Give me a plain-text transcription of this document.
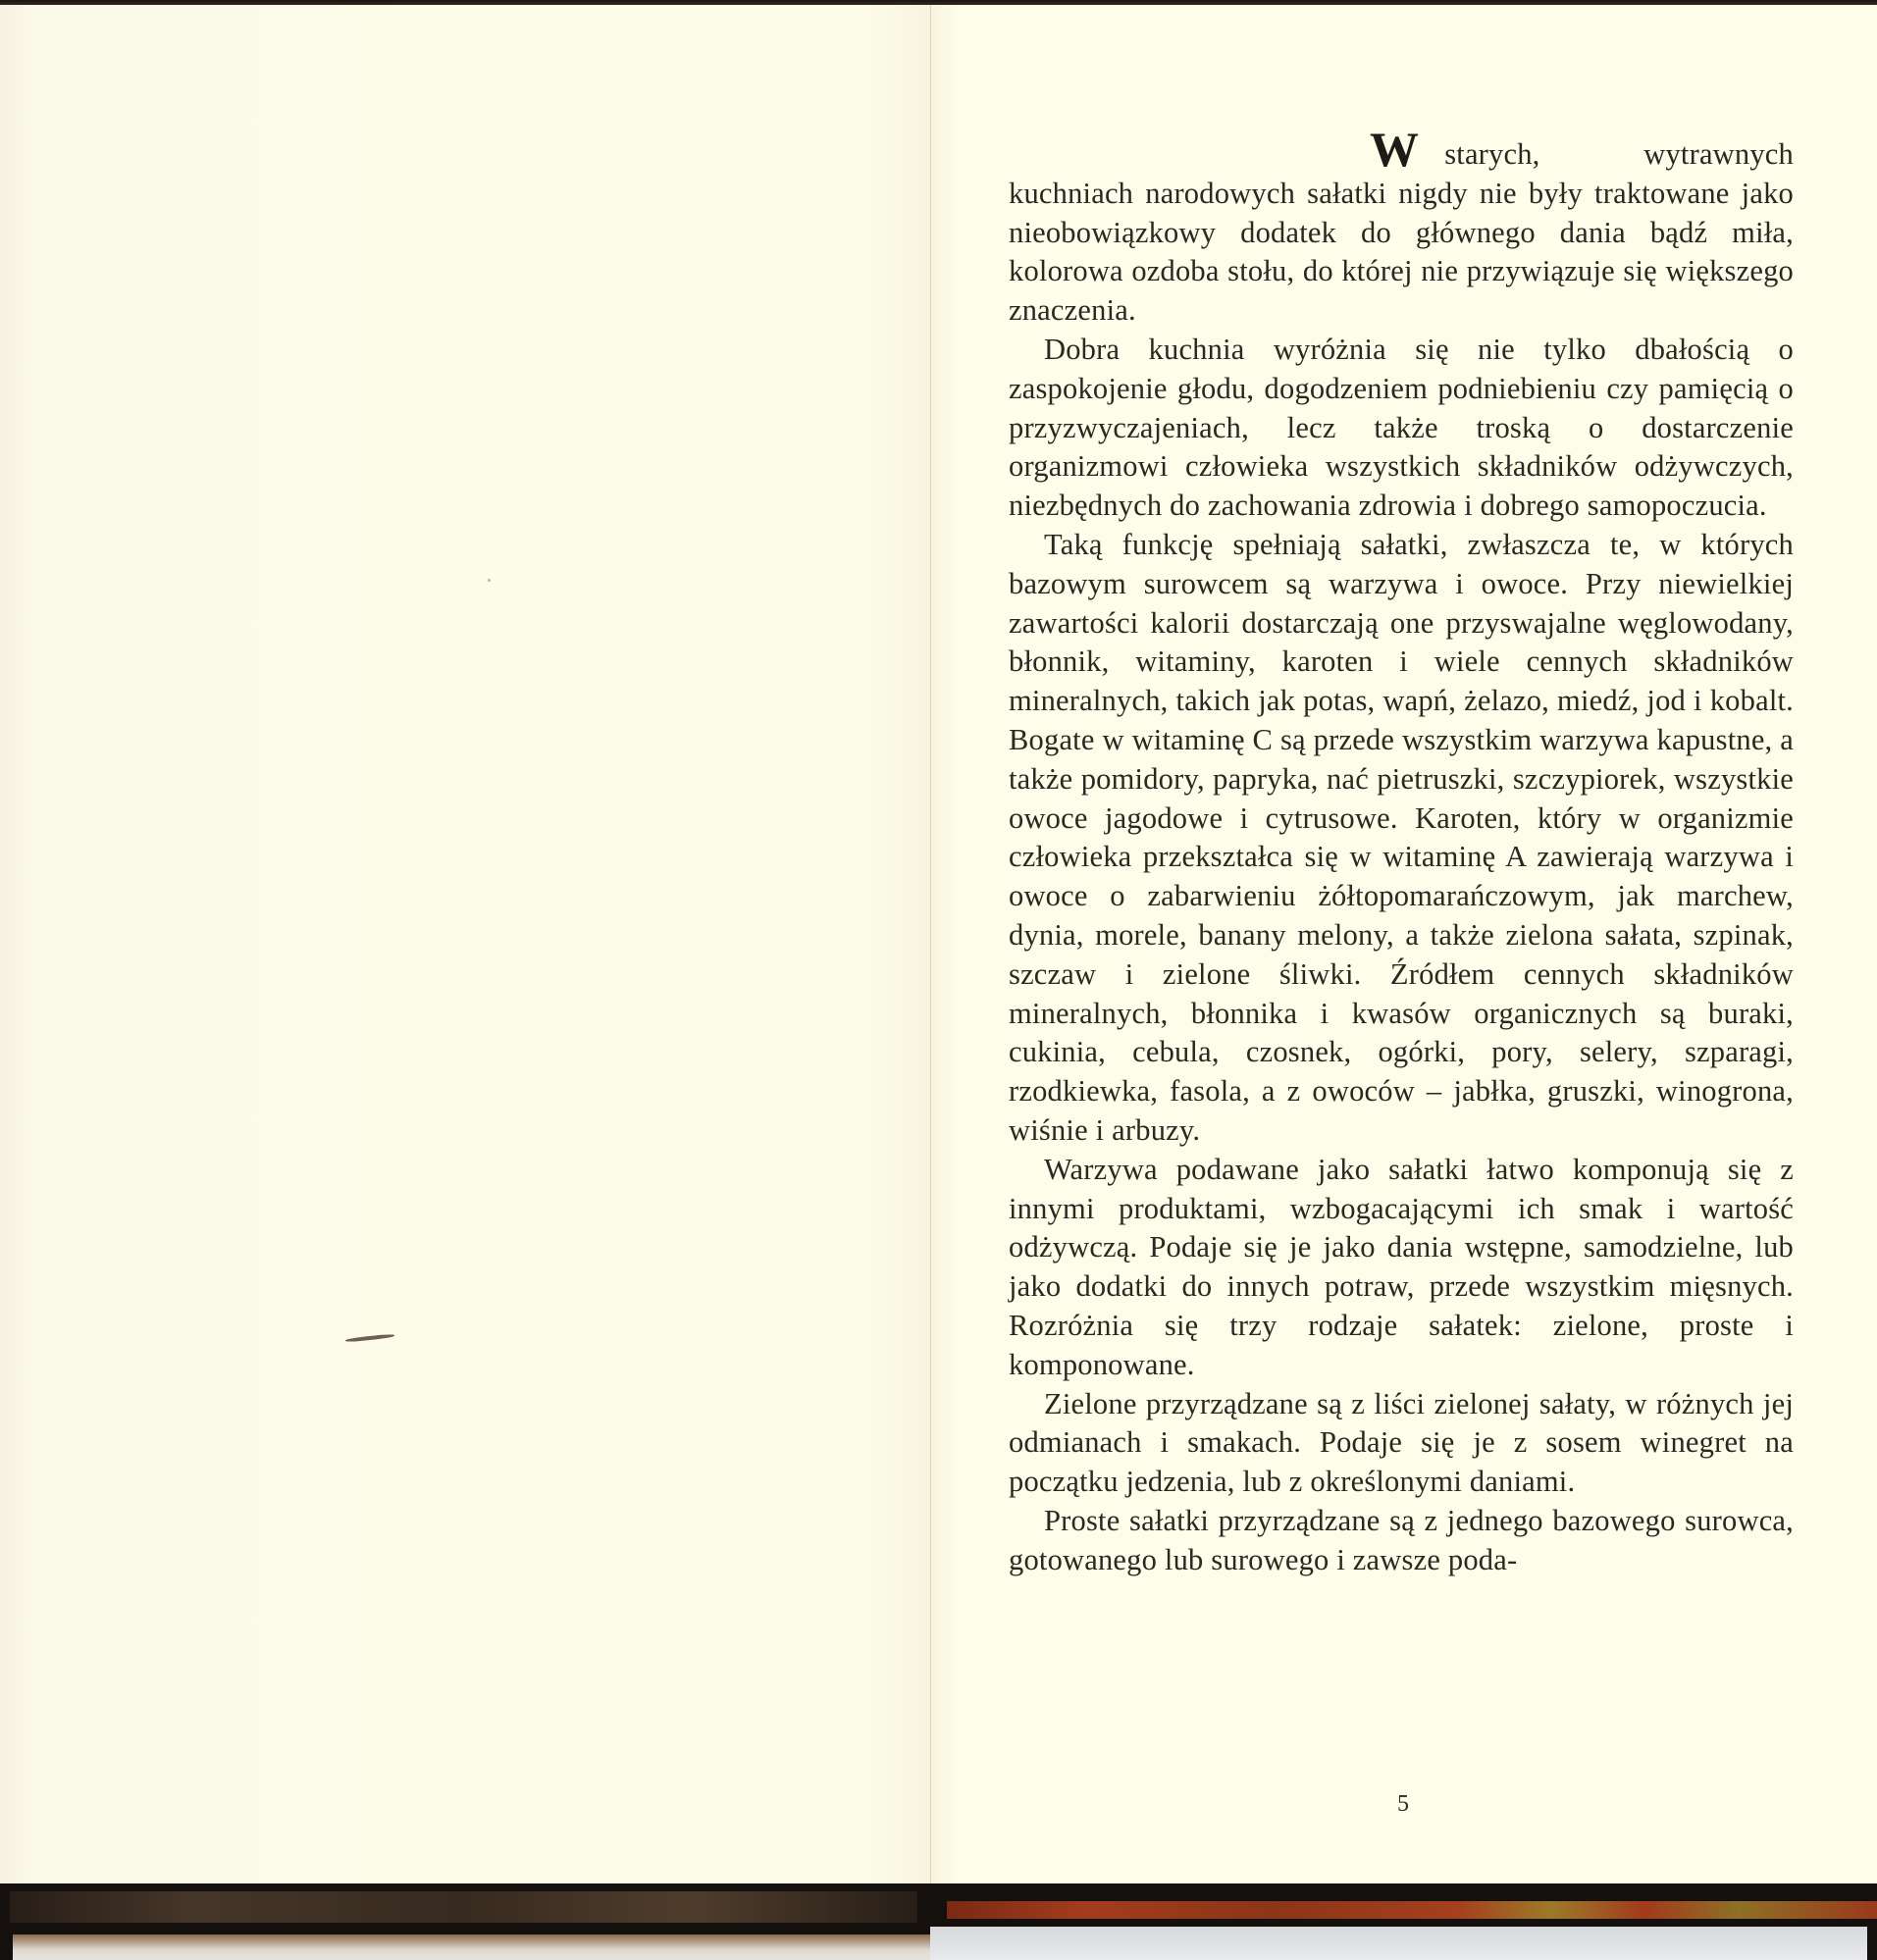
Wstarych, wytrawnych kuchniach narodowych sałatki nigdy nie były traktowane jako nieobowiązkowy dodatek do głównego dania bądź miła, kolorowa ozdoba stołu, do której nie przywiązuje się większego znaczenia.

Dobra kuchnia wyróżnia się nie tylko dbałością o zaspokojenie głodu, dogodzeniem podniebieniu czy pamięcią o przyzwyczajeniach, lecz także troską o dostarczenie organizmowi człowieka wszystkich składników odżywczych, niezbędnych do zachowania zdrowia i dobrego samopoczucia.

Taką funkcję spełniają sałatki, zwłaszcza te, w których bazowym surowcem są warzywa i owoce. Przy niewielkiej zawartości kalorii dostarczają one przyswajalne węglowodany, błonnik, witaminy, karoten i wiele cennych składników mineralnych, takich jak potas, wapń, żelazo, miedź, jod i kobalt. Bogate w witaminę C są przede wszystkim warzywa kapustne, a także pomidory, papryka, nać pietruszki, szczypiorek, wszystkie owoce jagodowe i cytrusowe. Karoten, który w organizmie człowieka przekształca się w witaminę A zawierają warzywa i owoce o zabarwieniu żółtopomarańczowym, jak marchew, dynia, morele, banany melony, a także zielona sałata, szpinak, szczaw i zielone śliwki. Źródłem cennych składników mineralnych, błonnika i kwasów organicznych są buraki, cukinia, cebula, czosnek, ogórki, pory, selery, szparagi, rzodkiewka, fasola, a z owoców – jabłka, gruszki, winogrona, wiśnie i arbuzy.

Warzywa podawane jako sałatki łatwo komponują się z innymi produktami, wzbogacającymi ich smak i wartość odżywczą. Podaje się je jako dania wstępne, samodzielne, lub jako dodatki do innych potraw, przede wszystkim mięsnych. Rozróżnia się trzy rodzaje sałatek: zielone, proste i komponowane.

Zielone przyrządzane są z liści zielonej sałaty, w różnych jej odmianach i smakach. Podaje się je z sosem winegret na początku jedzenia, lub z określonymi daniami.

Proste sałatki przyrządzane są z jednego bazowego surowca, gotowanego lub surowego i zawsze poda-

5
